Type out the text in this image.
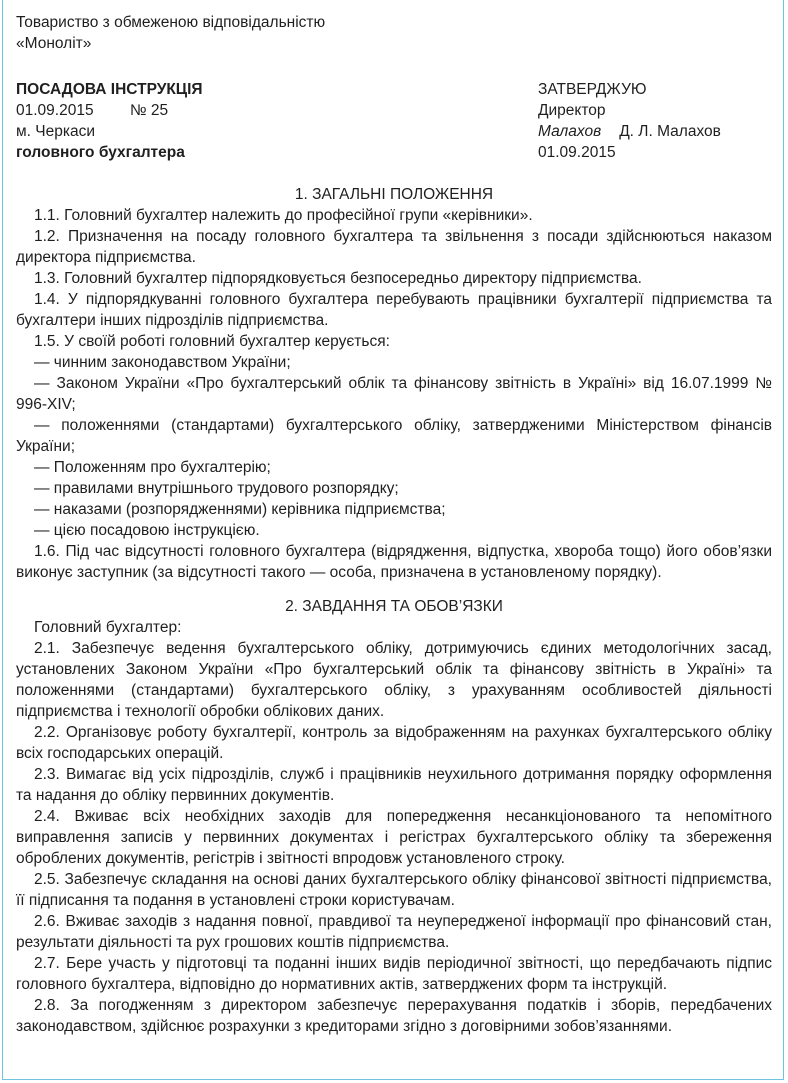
Товариство з обмеженою відповідальністю
«Моноліт»
ПОСАДОВА ІНСТРУКЦІЯ
01.09.2015 № 25
м. Черкаси
головного бухгалтера
ЗАТВЕРДЖУЮ
Директор
Малахов Д. Л. Малахов
01.09.2015
1. ЗАГАЛЬНІ ПОЛОЖЕННЯ
1.1. Головний бухгалтер належить до професійної групи «керівники».
1.2. Призначення на посаду головного бухгалтера та звільнення з посади здійснюються наказом директора підприємства.
1.3. Головний бухгалтер підпорядковується безпосередньо директору підприємства.
1.4. У підпорядкуванні головного бухгалтера перебувають працівники бухгалтерії підприємства та бухгалтери інших підрозділів підприємства.
1.5. У своїй роботі головний бухгалтер керується:
— чинним законодавством України;
— Законом України «Про бухгалтерський облік та фінансову звітність в Україні» від 16.07.1999 № 996-XIV;
— положеннями (стандартами) бухгалтерського обліку, затвердженими Міністерством фінансів України;
— Положенням про бухгалтерію;
— правилами внутрішнього трудового розпорядку;
— наказами (розпорядженнями) керівника підприємства;
— цією посадовою інструкцією.
1.6. Під час відсутності головного бухгалтера (відрядження, відпустка, хвороба тощо) його обов’язки виконує заступник (за відсутності такого — особа, призначена в установленому порядку).
2. ЗАВДАННЯ ТА ОБОВ’ЯЗКИ
Головний бухгалтер:
2.1. Забезпечує ведення бухгалтерського обліку, дотримуючись єдиних методологічних засад, установлених Законом України «Про бухгалтерський облік та фінансову звітність в Україні» та положеннями (стандартами) бухгалтерського обліку, з урахуванням особливостей діяльності підприємства і технології обробки облікових даних.
2.2. Організовує роботу бухгалтерії, контроль за відображенням на рахунках бухгалтерського обліку всіх господарських операцій.
2.3. Вимагає від усіх підрозділів, служб і працівників неухильного дотримання порядку оформлення та надання до обліку первинних документів.
2.4. Вживає всіх необхідних заходів для попередження несанкціонованого та непомітного виправлення записів у первинних документах і регістрах бухгалтерського обліку та збереження оброблених документів, регістрів і звітності впродовж установленого строку.
2.5. Забезпечує складання на основі даних бухгалтерського обліку фінансової звітності підприємства, її підписання та подання в установлені строки користувачам.
2.6. Вживає заходів з надання повної, правдивої та неупередженої інформації про фінансовий стан, результати діяльності та рух грошових коштів підприємства.
2.7. Бере участь у підготовці та поданні інших видів періодичної звітності, що передбачають підпис головного бухгалтера, відповідно до нормативних актів, затверджених форм та інструкцій.
2.8. За погодженням з директором забезпечує перерахування податків і зборів, передбачених законодавством, здійснює розрахунки з кредиторами згідно з договірними зобов’язаннями.
